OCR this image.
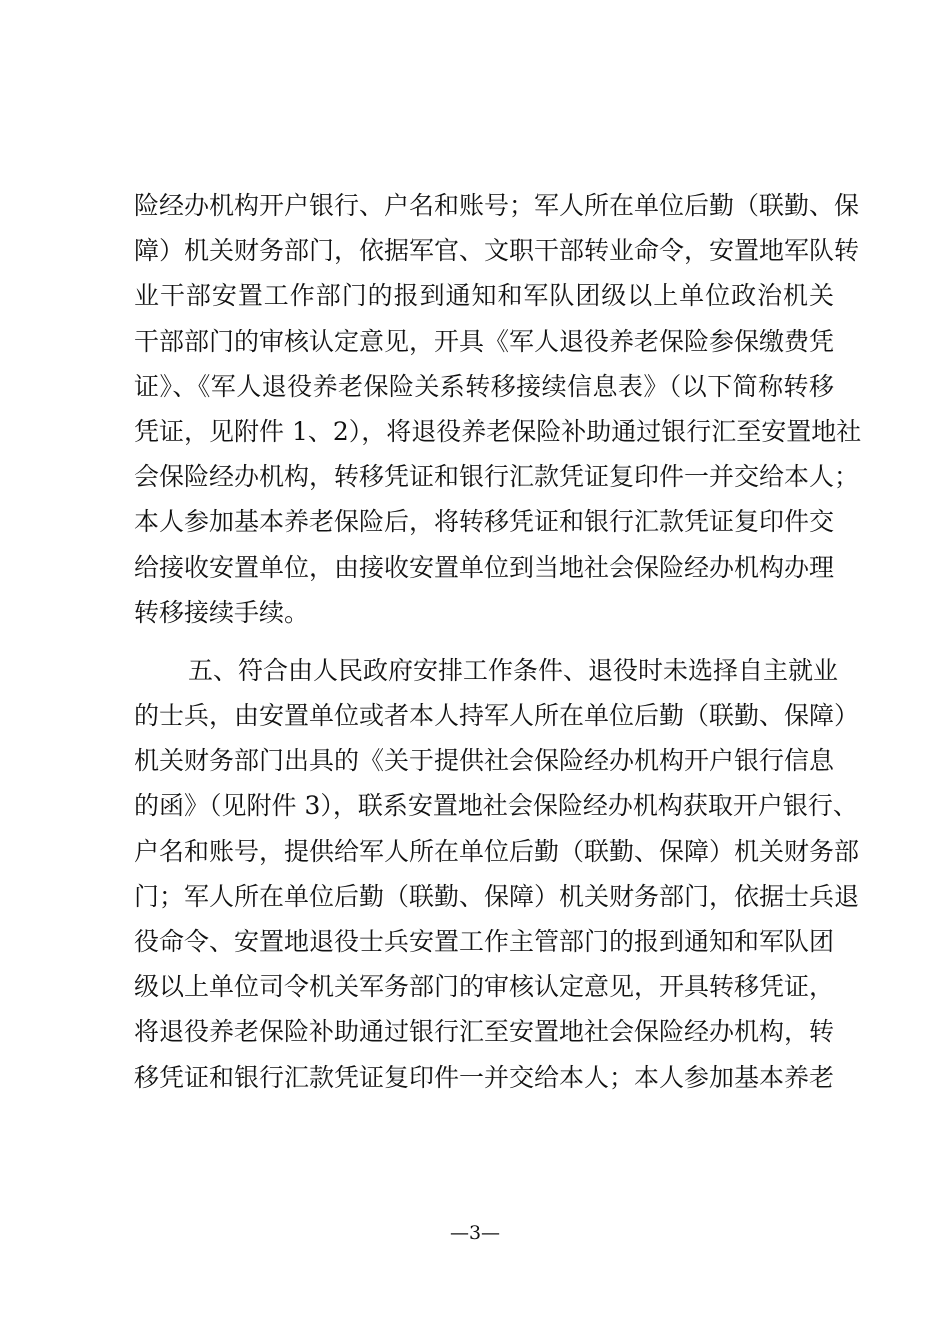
险经办机构开户银行、户名和账号；军人所在单位后勤（联勤、保
障）机关财务部门，依据军官、文职干部转业命令，安置地军队转
业干部安置工作部门的报到通知和军队团级以上单位政治机关
干部部门的审核认定意见，开具《军人退役养老保险参保缴费凭
证》、《军人退役养老保险关系转移接续信息表》（以下简称转移
凭证，见附件 1、2），将退役养老保险补助通过银行汇至安置地社
会保险经办机构，转移凭证和银行汇款凭证复印件一并交给本人；
本人参加基本养老保险后，将转移凭证和银行汇款凭证复印件交
给接收安置单位，由接收安置单位到当地社会保险经办机构办理
转移接续手续。
五、符合由人民政府安排工作条件、退役时未选择自主就业
的士兵，由安置单位或者本人持军人所在单位后勤（联勤、保障）
机关财务部门出具的《关于提供社会保险经办机构开户银行信息
的函》（见附件 3），联系安置地社会保险经办机构获取开户银行、
户名和账号，提供给军人所在单位后勤（联勤、保障）机关财务部
门；军人所在单位后勤（联勤、保障）机关财务部门，依据士兵退
役命令、安置地退役士兵安置工作主管部门的报到通知和军队团
级以上单位司令机关军务部门的审核认定意见，开具转移凭证，
将退役养老保险补助通过银行汇至安置地社会保险经办机构，转
移凭证和银行汇款凭证复印件一并交给本人；本人参加基本养老
—3—
